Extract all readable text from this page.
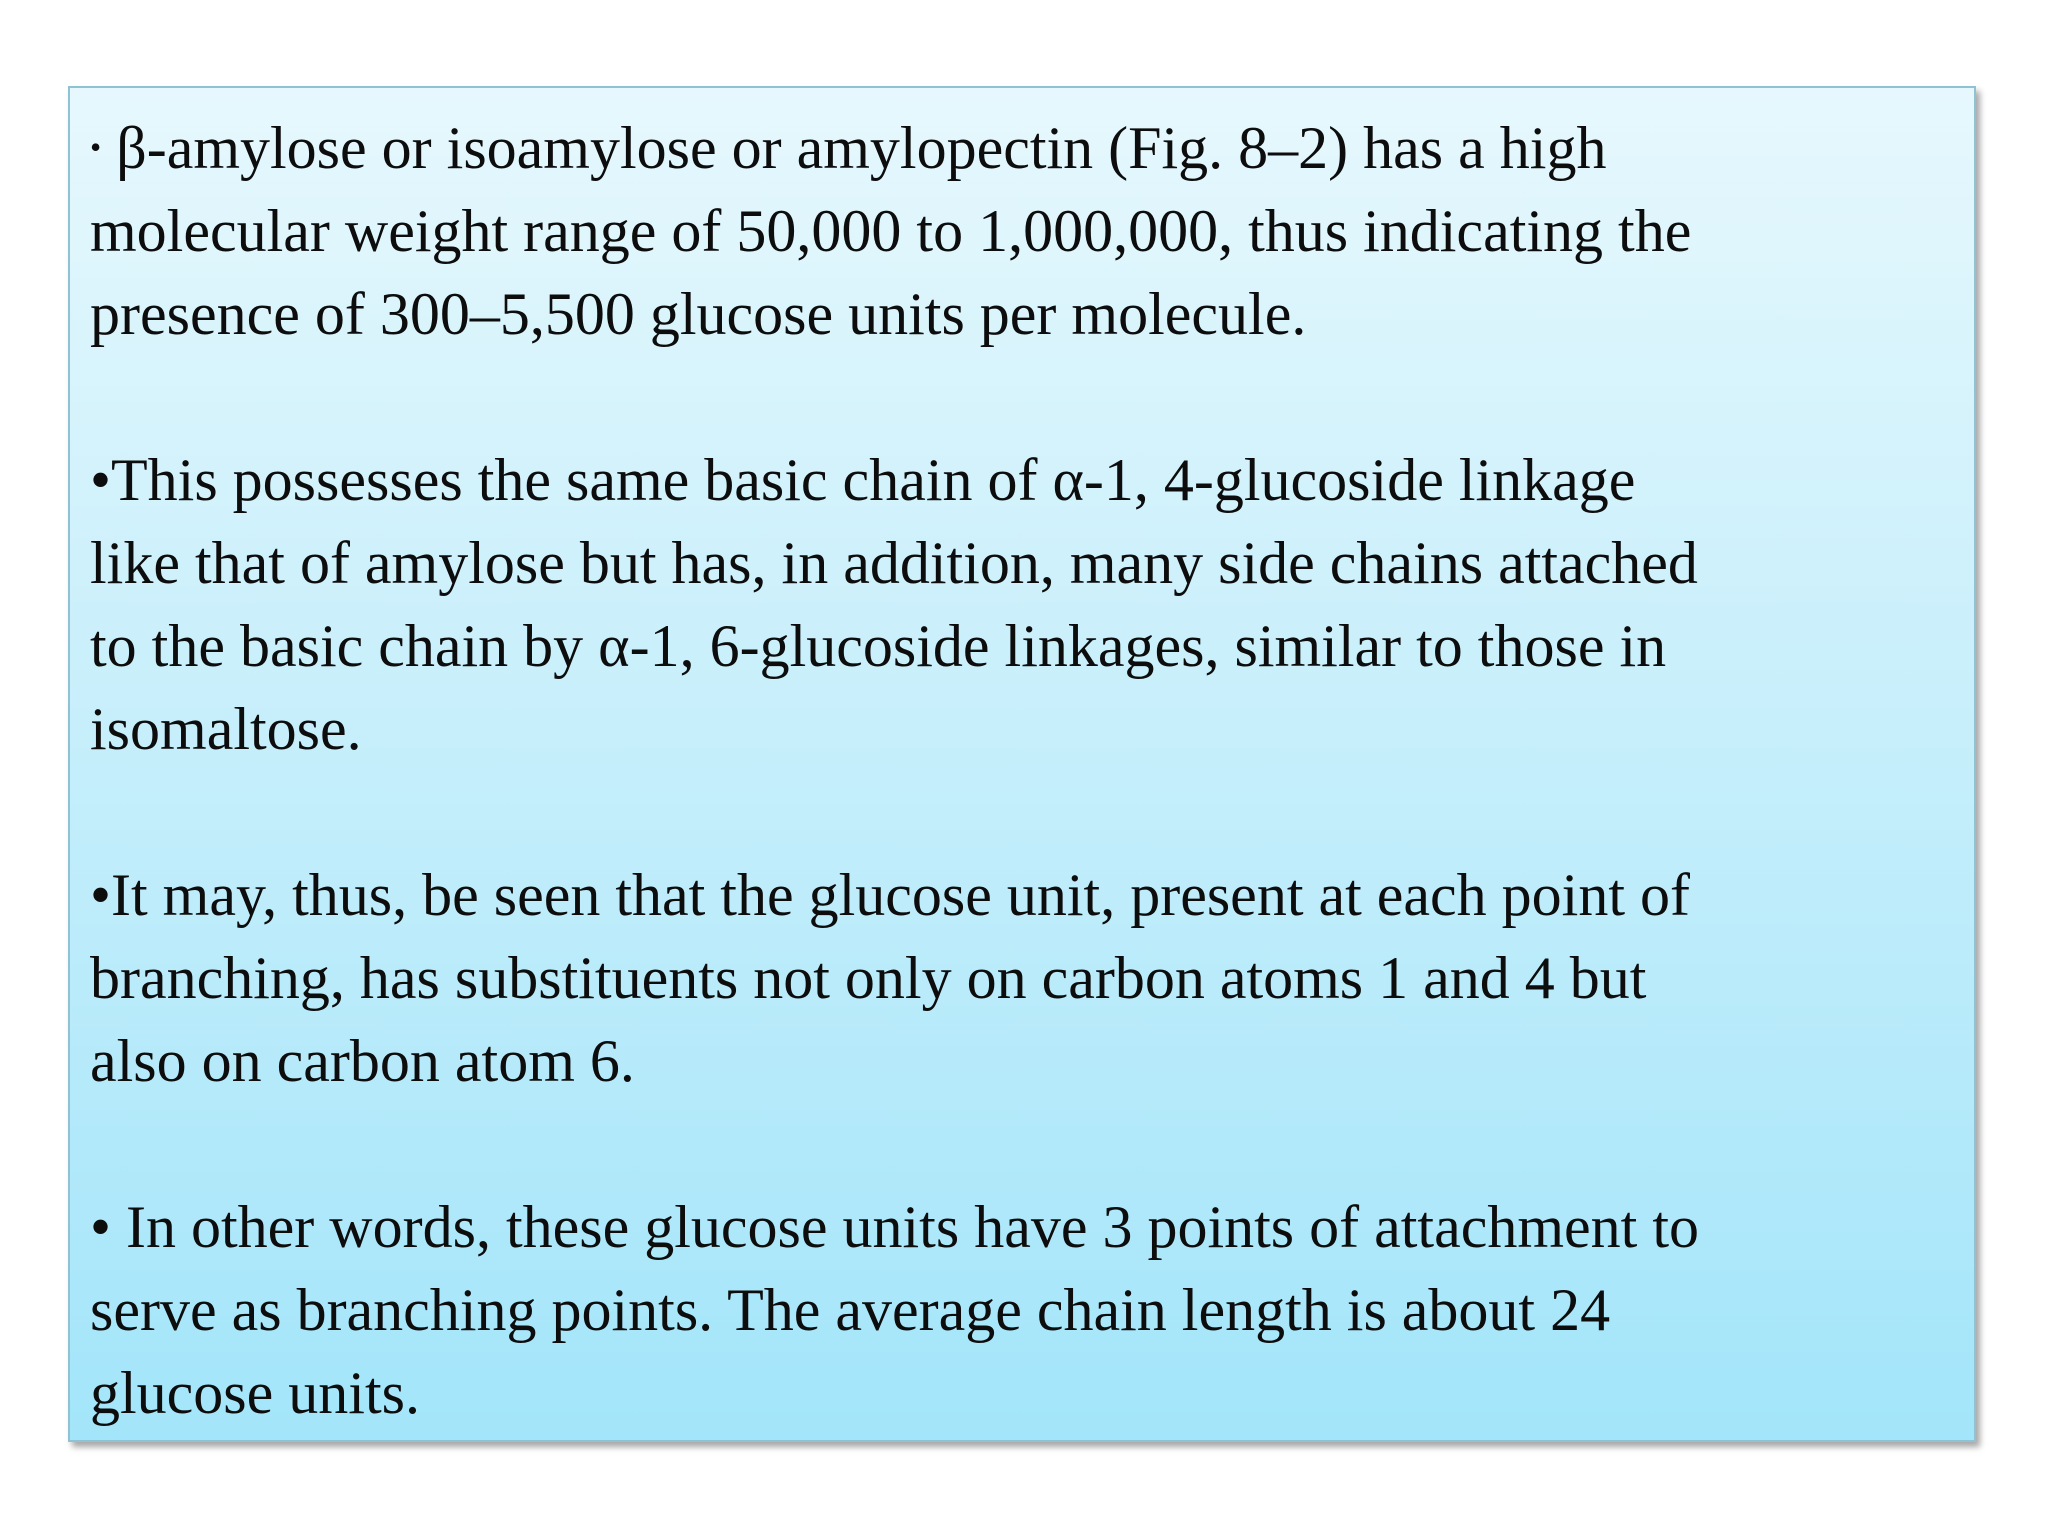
• β-amylose or isoamylose or amylopectin (Fig. 8–2) has a high
molecular weight range of 50,000 to 1,000,000, thus indicating the
presence of 300–5,500 glucose units per molecule.

•This possesses the same basic chain of α-1, 4-glucoside linkage
like that of amylose but has, in addition, many side chains attached
to the basic chain by α-1, 6-glucoside linkages, similar to those in
isomaltose.

•It may, thus, be seen that the glucose unit, present at each point of
branching, has substituents not only on carbon atoms 1 and 4 but
also on carbon atom 6.

• In other words, these glucose units have 3 points of attachment to
serve as branching points. The average chain length is about 24
glucose units.
